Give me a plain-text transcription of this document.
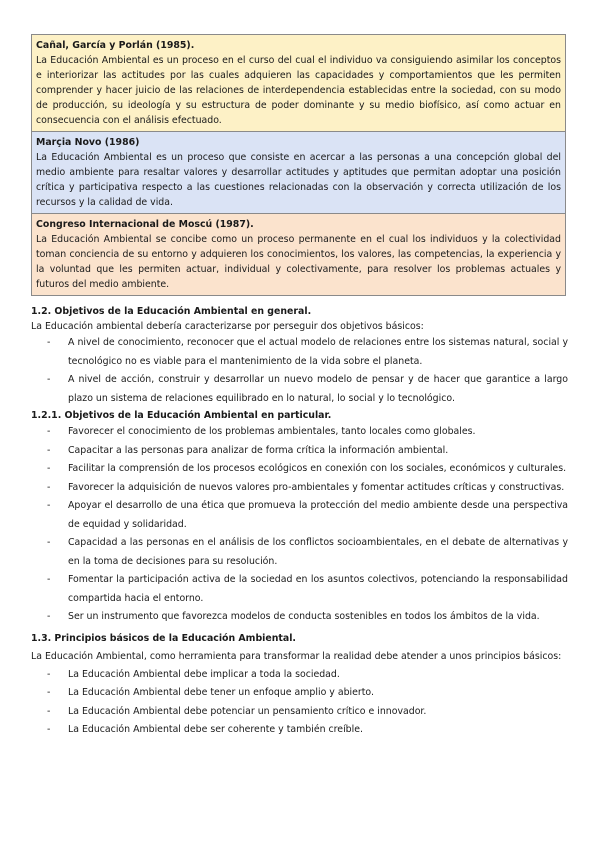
Cañal, García y Porlán (1985).
La Educación Ambiental es un proceso en el curso del cual el individuo va consiguiendo asimilar los conceptos e interiorizar las actitudes por las cuales adquieren las capacidades y comportamientos que les permiten comprender y hacer juicio de las relaciones de interdependencia establecidas entre la sociedad, con su modo de producción, su ideología y su estructura de poder dominante y su medio biofísico, así como actuar en consecuencia con el análisis efectuado.
Marçia Novo (1986)
La Educación Ambiental es un proceso que consiste en acercar a las personas a una concepción global del medio ambiente para resaltar valores y desarrollar actitudes y aptitudes que permitan adoptar una posición crítica y participativa respecto a las cuestiones relacionadas con la observación y correcta utilización de los recursos y la calidad de vida.
Congreso Internacional de Moscú (1987).
La Educación Ambiental se concibe como un proceso permanente en el cual los individuos y la colectividad toman conciencia de su entorno y adquieren los conocimientos, los valores, las competencias, la experiencia y la voluntad que les permiten actuar, individual y colectivamente, para resolver los problemas actuales y futuros del medio ambiente.
1.2. Objetivos de la Educación Ambiental en general.

La Educación ambiental debería caracterizarse por perseguir dos objetivos básicos:

- A nivel de conocimiento, reconocer que el actual modelo de relaciones entre los sistemas natural, social y tecnológico no es viable para el mantenimiento de la vida sobre el planeta.
- A nivel de acción, construir y desarrollar un nuevo modelo de pensar y de hacer que garantice a largo plazo un sistema de relaciones equilibrado en lo natural, lo social y lo tecnológico.
1.2.1. Objetivos de la Educación Ambiental en particular.
- Favorecer el conocimiento de los problemas ambientales, tanto locales como globales.
- Capacitar a las personas para analizar de forma crítica la información ambiental.
- Facilitar la comprensión de los procesos ecológicos en conexión con los sociales, económicos y culturales.
- Favorecer la adquisición de nuevos valores pro-ambientales y fomentar actitudes críticas y constructivas.
- Apoyar el desarrollo de una ética que promueva la protección del medio ambiente desde una perspectiva de equidad y solidaridad.
- Capacidad a las personas en el análisis de los conflictos socioambientales, en el debate de alternativas y en la toma de decisiones para su resolución.
- Fomentar la participación activa de la sociedad en los asuntos colectivos, potenciando la responsabilidad compartida hacia el entorno.
- Ser un instrumento que favorezca modelos de conducta sostenibles en todos los ámbitos de la vida.
1.3. Principios básicos de la Educación Ambiental.

La Educación Ambiental, como herramienta para transformar la realidad debe atender a unos principios básicos:

- La Educación Ambiental debe implicar a toda la sociedad.
- La Educación Ambiental debe tener un enfoque amplio y abierto.
- La Educación Ambiental debe potenciar un pensamiento crítico e innovador.
- La Educación Ambiental debe ser coherente y también creíble.
